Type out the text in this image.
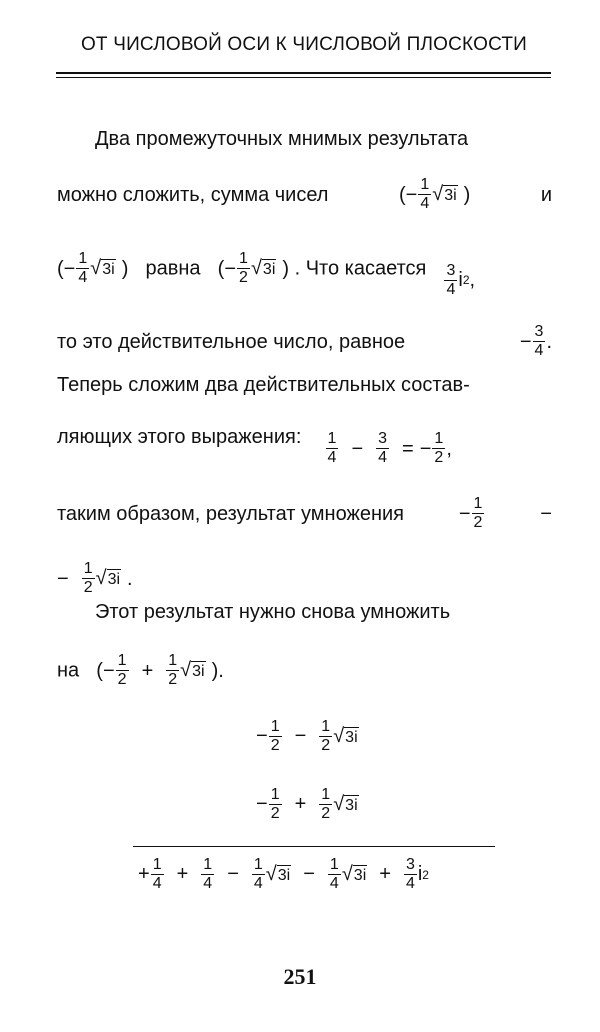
ОТ ЧИСЛОВОЙ ОСИ К ЧИСЛОВОЙ ПЛОСКОСТИ
Два промежуточных мнимых результата
можно сложить, сумма чисел	( − $\frac{1}{4}$ √ 3i )	и
( − $\frac{1}{4}$ √ 3i ) равна ( − $\frac{1}{2}$ √ 3i ) . Что касается $\frac{3}{4}$ i 2 ,
то это действительное число, равное	− $\frac{3}{4}$ .
Теперь сложим два действительных состав-
ляющих этого выражения: $\frac{1}{4} - \frac{3}{4}$ = − $\frac{1}{2}$ ,
таким образом, результат умножения	− $\frac{1}{2}$	−
− $\frac{1}{2}$ √ 3i .
Этот результат нужно снова умножить
на ( − $\frac{1}{2} + \frac{1}{2}$ √ 3i ) .
− $\frac{1}{2} - \frac{1}{2}$ √ 3i
− $\frac{1}{2} + \frac{1}{2}$ √ 3i
+ $\frac{1}{4} + \frac{1}{4} - \frac{1}{4}$ √ $3i - \frac{1}{4}$ √ $3i + \frac{3}{4}$ i 2
251
